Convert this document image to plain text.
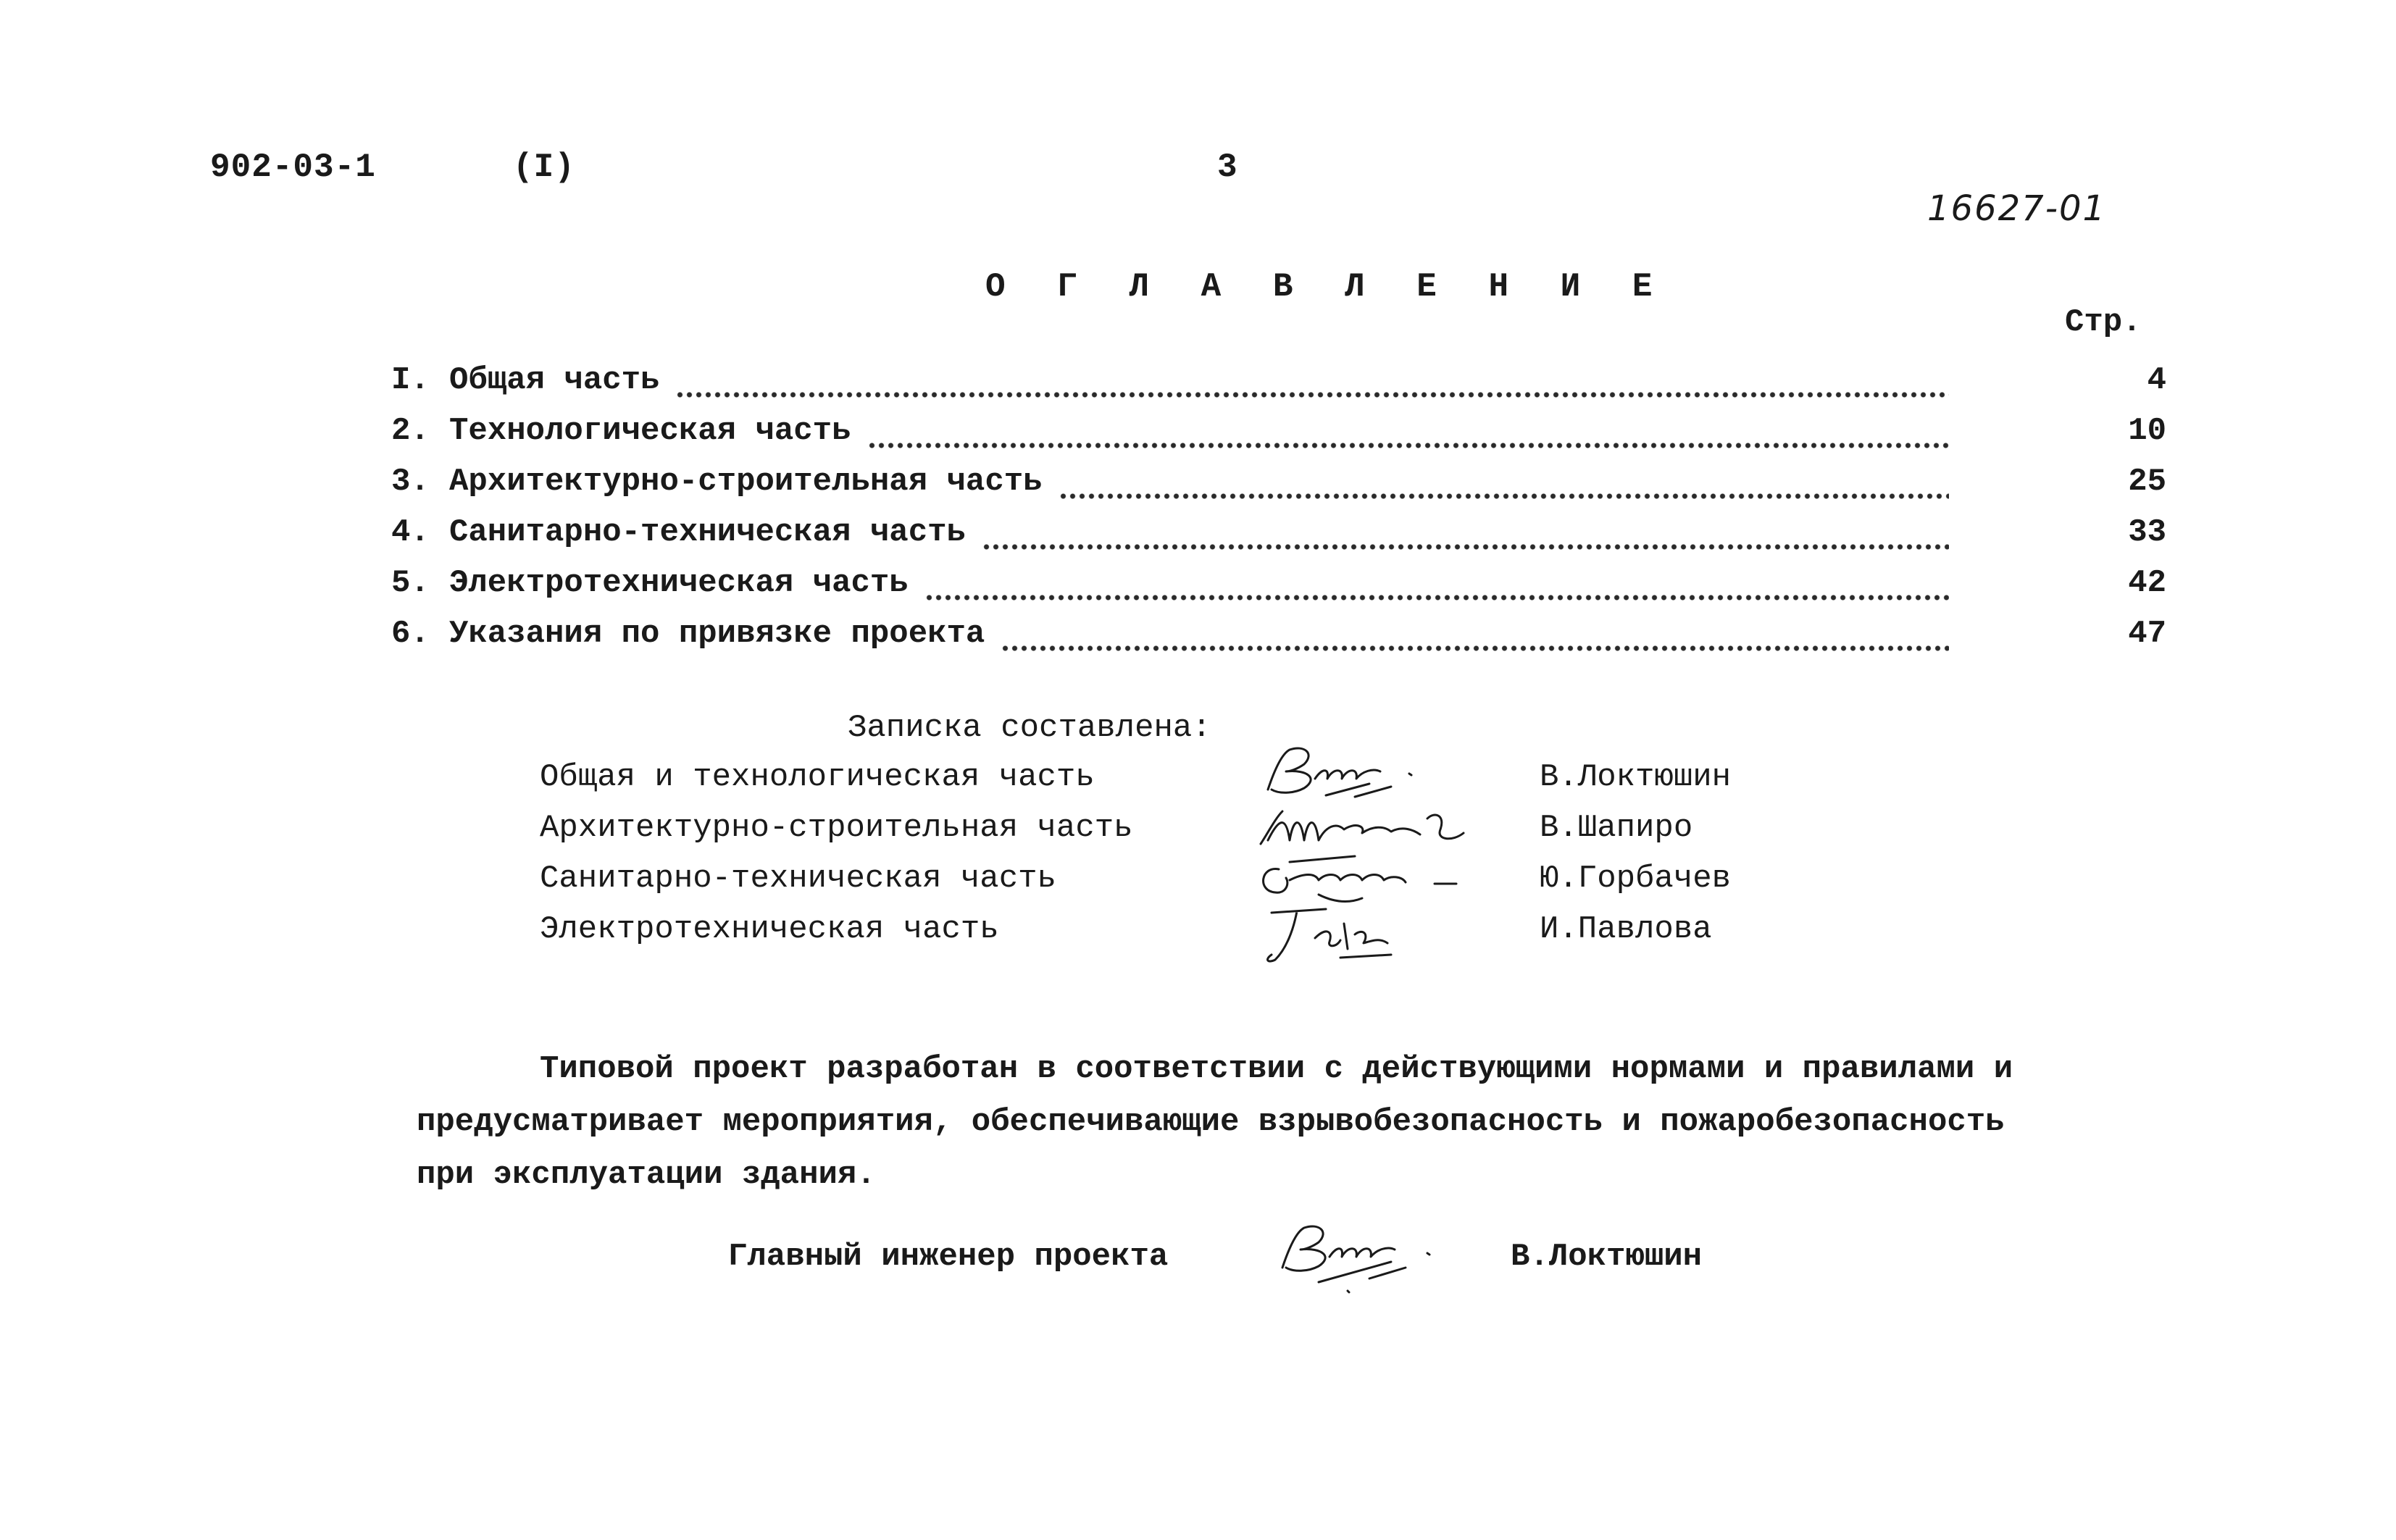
902-03-1	(I)	3
16627-01
О Г Л А В Л Е Н И Е
Стр.
I. Общая часть	4
2. Технологическая часть	10
3. Архитектурно-строительная часть	25
4. Санитарно-техническая часть	33
5. Электротехническая часть	42
6. Указания по привязке проекта	47
Записка составлена:
Общая и технологическая часть	В.Локтюшин
Архитектурно-строительная часть	В.Шапиро
Санитарно-техническая часть	Ю.Горбачев
Электротехническая часть	И.Павлова
Типовой проект разработан в соответствии с действующими нормами и правилами и
предусматривает мероприятия, обеспечивающие взрывобезопасность и пожаробезопасность
при эксплуатации здания.
Главный инженер проекта	В.Локтюшин
